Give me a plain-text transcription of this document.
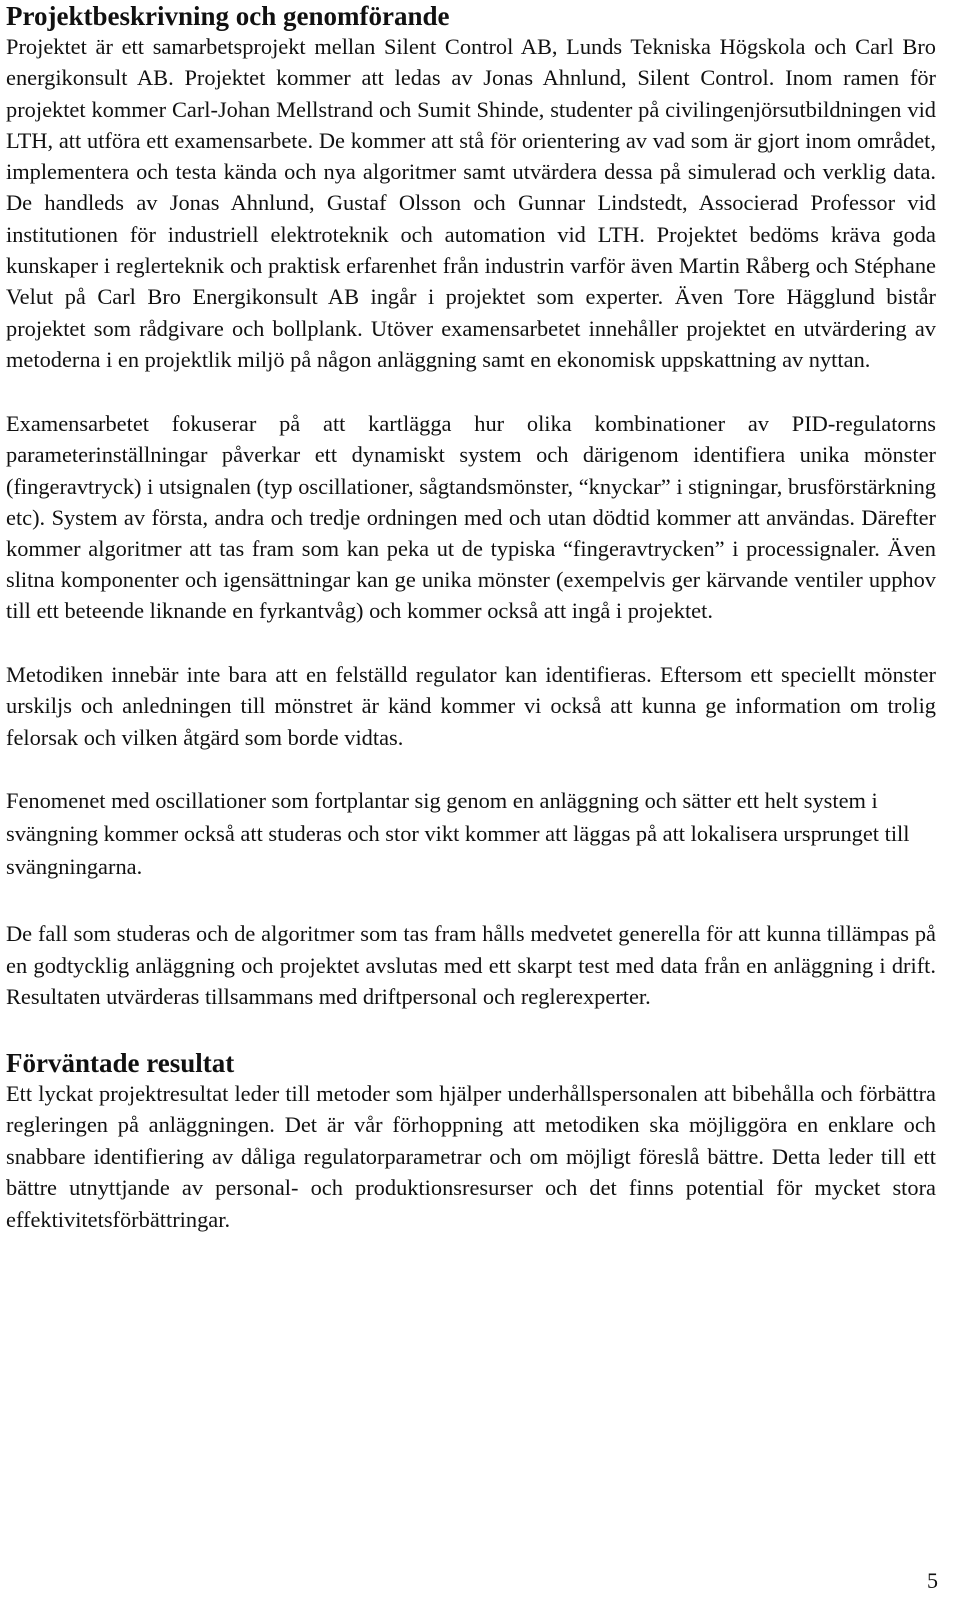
Projektbeskrivning och genomförande

Projektet är ett samarbetsprojekt mellan Silent Control AB, Lunds Tekniska Högskola och Carl Bro energikonsult AB. Projektet kommer att ledas av Jonas Ahnlund, Silent Control. Inom ramen för projektet kommer Carl-Johan Mellstrand och Sumit Shinde, studenter på civilingenjörsutbildningen vid LTH, att utföra ett examensarbete. De kommer att stå för orientering av vad som är gjort inom området, implementera och testa kända och nya algoritmer samt utvärdera dessa på simulerad och verklig data. De handleds av Jonas Ahnlund, Gustaf Olsson och Gunnar Lindstedt, Associerad Professor vid institutionen för industriell elektroteknik och automation vid LTH. Projektet bedöms kräva goda kunskaper i reglerteknik och praktisk erfarenhet från industrin varför även Martin Råberg och Stéphane Velut på Carl Bro Energikonsult AB ingår i projektet som experter. Även Tore Hägglund bistår projektet som rådgivare och bollplank. Utöver examensarbetet innehåller projektet en utvärdering av metoderna i en projektlik miljö på någon anläggning samt en ekonomisk uppskattning av nyttan.

Examensarbetet fokuserar på att kartlägga hur olika kombinationer av PID-regulatorns parameterinställningar påverkar ett dynamiskt system och därigenom identifiera unika mönster (fingeravtryck) i utsignalen (typ oscillationer, sågtandsmönster, “knyckar” i stigningar, brusförstärkning etc). System av första, andra och tredje ordningen med och utan dödtid kommer att användas. Därefter kommer algoritmer att tas fram som kan peka ut de typiska “fingeravtrycken” i processignaler. Även slitna komponenter och igensättningar kan ge unika mönster (exempelvis ger kärvande ventiler upphov till ett beteende liknande en fyrkantvåg) och kommer också att ingå i projektet.

Metodiken innebär inte bara att en felställd regulator kan identifieras. Eftersom ett speciellt mönster urskiljs och anledningen till mönstret är känd kommer vi också att kunna ge information om trolig felorsak och vilken åtgärd som borde vidtas.

Fenomenet med oscillationer som fortplantar sig genom en anläggning och sätter ett helt system i svängning kommer också att studeras och stor vikt kommer att läggas på att lokalisera ursprunget till svängningarna.

De fall som studeras och de algoritmer som tas fram hålls medvetet generella för att kunna tillämpas på en godtycklig anläggning och projektet avslutas med ett skarpt test med data från en anläggning i drift. Resultaten utvärderas tillsammans med driftpersonal och reglerexperter.

Förväntade resultat

Ett lyckat projektresultat leder till metoder som hjälper underhållspersonalen att bibehålla och förbättra regleringen på anläggningen. Det är vår förhoppning att metodiken ska möjliggöra en enklare och snabbare identifiering av dåliga regulatorparametrar och om möjligt föreslå bättre. Detta leder till ett bättre utnyttjande av personal- och produktionsresurser och det finns potential för mycket stora effektivitetsförbättringar.

5
